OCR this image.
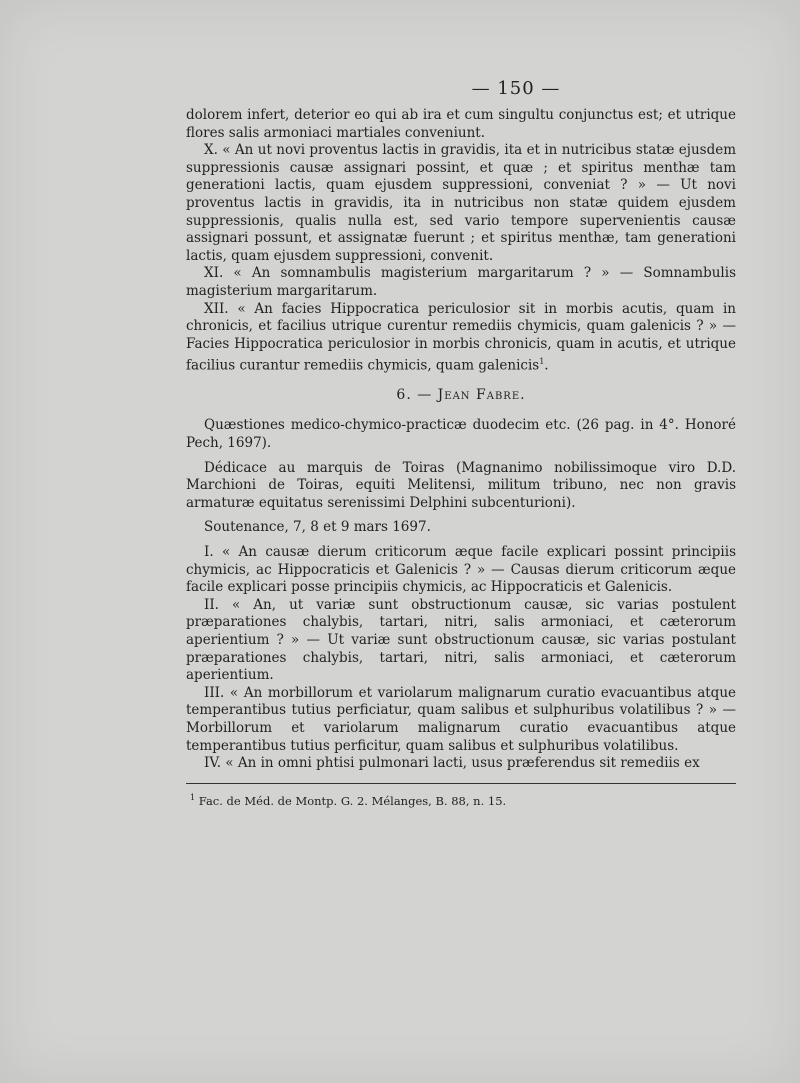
— 150 —

dolorem infert, deterior eo qui ab ira et cum singultu conjunctus est; et utrique flores salis armoniaci martiales conveniunt.

X. « An ut novi proventus lactis in gravidis, ita et in nutricibus statæ ejusdem suppressionis causæ assignari possint, et quæ ; et spiritus menthæ tam generationi lactis, quam ejusdem suppressioni, conveniat ? » — Ut novi proventus lactis in gravidis, ita in nutricibus non statæ quidem ejusdem suppressionis, qualis nulla est, sed vario tempore supervenientis causæ assignari possunt, et assignatæ fuerunt ; et spiritus menthæ, tam generationi lactis, quam ejusdem suppressioni, convenit.

XI. « An somnambulis magisterium margaritarum ? » — Somnambulis magisterium margaritarum.

XII. « An facies Hippocratica periculosior sit in morbis acutis, quam in chronicis, et facilius utrique curentur remediis chymicis, quam galenicis ? » — Facies Hippocratica periculosior in morbis chronicis, quam in acutis, et utrique facilius curantur remediis chymicis, quam galenicis$^1$.

6. — Jean Fabre.

Quæstiones medico-chymico-practicæ duodecim etc. (26 pag. in 4°. Honoré Pech, 1697).

Dédicace au marquis de Toiras (Magnanimo nobilissimoque viro D.D. Marchioni de Toiras, equiti Melitensi, militum tribuno, nec non gravis armaturæ equitatus serenissimi Delphini subcenturioni).

Soutenance, 7, 8 et 9 mars 1697.

I. « An causæ dierum criticorum æque facile explicari possint principiis chymicis, ac Hippocraticis et Galenicis ? » — Causas dierum criticorum æque facile explicari posse principiis chymicis, ac Hippocraticis et Galenicis.

II. « An, ut variæ sunt obstructionum causæ, sic varias postulent præparationes chalybis, tartari, nitri, salis armoniaci, et cæterorum aperientium ? » — Ut variæ sunt obstructionum causæ, sic varias postulant præparationes chalybis, tartari, nitri, salis armoniaci, et cæterorum aperientium.

III. « An morbillorum et variolarum malignarum curatio evacuantibus atque temperantibus tutius perficiatur, quam salibus et sulphuribus volatilibus ? » — Morbillorum et variolarum malignarum curatio evacuantibus atque temperantibus tutius perficitur, quam salibus et sulphuribus volatilibus.

IV. « An in omni phtisi pulmonari lacti, usus præferendus sit remediis ex

$^1$ Fac. de Méd. de Montp. G. 2. Mélanges, B. 88, n. 15.
